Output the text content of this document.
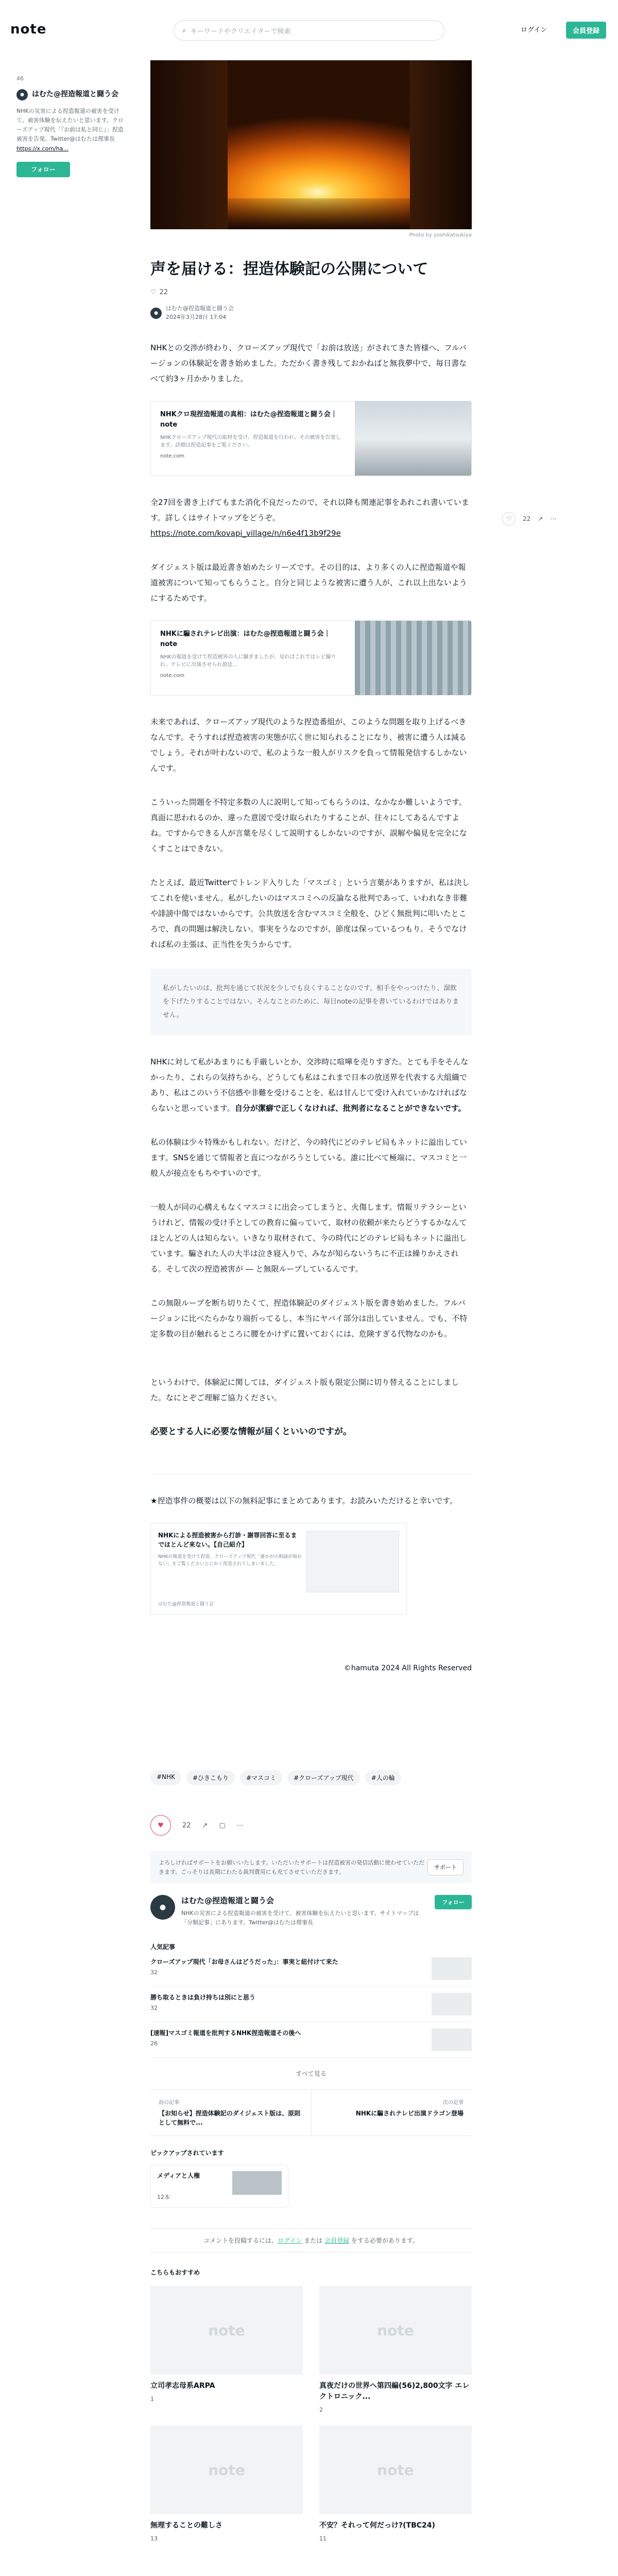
note	⌕ キーワードやクリエイターで検索	ログイン	会員登録
46
●	はむた@捏造報道と闘う会
NHKの災害による捏造報道の被害を受けて、被害体験を伝えたいと思います。クローズアップ現代「『お前は私と同じ』」捏造被害を告発。Twitter@はむたは理事長 https://x.com/ha...
フォロー
♡	22 ↗ ⋯
Photo by yoshikatsukiya
声を届ける：捏造体験記の公開について
♡ 22
●
はむた@捏造報道と闘う会
2024年3月28日 17:04

NHKとの交渉が終わり、クローズアップ現代で「お前は放送」がされてきた皆様へ、フルバージョンの体験記を書き始めました。ただかく書き残しておかねばと無我夢中で、毎日書なべて約3ヶ月かかりました。

NHKクロ現捏造報道の真相：はむた@捏造報道と闘う会｜note
NHKクローズアップ現代の取材を受け、捏造報道を行われ、その被害を告発します。詳細は捏造記事をご覧ください。
note.com

全27回を書き上げてもまた消化不良だったので、それ以降も関連記事をあれこれ書いています。詳しくはサイトマップをどうぞ。
https://note.com/kovapi_village/n/n6e4f13b9f29e

ダイジェスト版は最近書き始めたシリーズです。その目的は、より多くの人に捏造報道や報道被害について知ってもらうこと。自分と同じような被害に遭う人が、これ以上出ないようにするためです。

NHKに騙されテレビ出演：はむた@捏造報道と闘う会｜note
NHKの報道を受けて捏造被害の人に騒ぎましたが、見ればこれではレビ撮りれ、テレビに出演させられ放送...
note.com

未来であれば、クローズアップ現代のような捏造番組が、このような問題を取り上げるべきなんです。そうすれば捏造被害の実態が広く世に知られることになり、被害に遭う人は減るでしょう。それが叶わないので、私のような一般人がリスクを負って情報発信するしかないんです。

こういった問題を不特定多数の人に説明して知ってもらうのは、なかなか難しいようです。真面に思われるのか、違った意図で受け取られたりすることが、往々にしてあるんですよね。ですからできる人が言葉を尽くして説明するしかないのですが、誤解や偏見を完全になくすことはできない。

たとえば、最近Twitterでトレンド入りした「マスゴミ」という言葉がありますが、私は決してこれを使いません。私がしたいのはマスコミへの反論なる批判であって、いわれなき非難や誹謗中傷ではないからです。公共放送を含むマスコミ全般を、ひどく無批判に叩いたところで、真の問題は解決しない。事実をうなのですが、節度は保っているつもり。そうでなければ私の主張は、正当性を失うからです。

私がしたいのは、批判を通じて状況を少しでも良くすることなのです。相手をやっつけたり、溜飲を下げたりすることではない。そんなことのために、毎日noteの記事を書いているわけではありません。

NHKに対して私があまりにも手厳しいとか、交渉時に喧嘩を売りすぎた。とても手をそんなかったり、これらの気持ちから、どうしても私はこれまで日本の放送界を代表する大組織であり、私はこのいう不信感や非難を受けることを、私は甘んじて受け入れていかなければならないと思っています。自分が潔癖で正しくなければ、批判者になることができないです。

私の体験は少々特殊かもしれない。だけど、今の時代にどのテレビ局もネットに溢出しています。SNSを通じて情報者と直につながろうとしている。誰に比べて極端に、マスコミと一般人が接点をもちやすいのです。

一般人が同の心構えもなくマスコミに出会ってしまうと、火傷します。情報リテラシーというけれど、情報の受け手としての教育に偏っていて、取材の依頼が来たらどうするかなんてほとんどの人は知らない。いきなり取材されて、今の時代にどのテレビ局もネットに溢出しています。騙された人の大半は泣き寝入りで、みなが知らないうちに不正は繰りかえされる。そして次の捏造被害が ― と無限ループしているんです。

この無限ループを断ち切りたくて、捏造体験記のダイジェスト版を書き始めました。フルバージョンに比べたらかなり端折ってるし、本当にヤバイ部分は出していません。でも、不特定多数の目が触れるところに腰をかけずに置いておくには、危険すぎる代物なのかも。

というわけで、体験記に関しては、ダイジェスト版も限定公開に切り替えることにしました。なにとぞご理解ご協力ください。

必要とする人に必要な情報が届くといいのですが。

★捏造事件の概要は以下の無料記事にまとめてあります。お読みいただけると幸いです。

NHKによる捏造被害から打診・謝罪回答に至るまでほとんど来ない。【自己紹介】
NHKの報道を受けて捏造、クローズアップ現代「誰かがの相談が取れない」をご覧くださいとにかく捏造されてしまいました。
はむた@捏造報道と闘う会
©hamuta 2024 All Rights Reserved
#NHK	#ひきこもり	#マスコミ	#クローズアップ現代	#人の輪
♥	22 ↗ ▢ ⋯
よろしければサポートをお願いいたします。いただいたサポートは捏造被害の発信活動に使わせていただきます。ごっそりは長期にわたる裁判費用にも充てさせていただきます。
サポート
●
はむた@捏造報道と闘う会
NHKの災害による捏造報道の被害を受けて、被害体験を伝えたいと思います。サイトマップは「分類記事」にあります。Twitter@はむたは理事長
フォロー
人気記事
クローズアップ現代「お母さんはどうだった」：事実と紐付けて来た
32
勝ち取るときは負け持ちは別にと思う
32
[速報]マスゴミ報道を批判するNHK捏造報道その後へ
26
すべて見る
前の記事
【お知らせ】捏造体験記のダイジェスト版は、原則として無料で...
次の記事
NHKに騙されテレビ出演ドラゴン登場
ピックアップされています
メディアと人権
12本
コメントを投稿するには、ログイン または 会員登録 をする必要があります。
こちらもおすすめ
note
立司孝志母系ARPA
1
note
真夜だけの世界へ第四編(56)2,800文字 エレクトロニック...
2
note
無理することの難しさ
13
note
不安？それって何だっけ?(TBC24)
11
